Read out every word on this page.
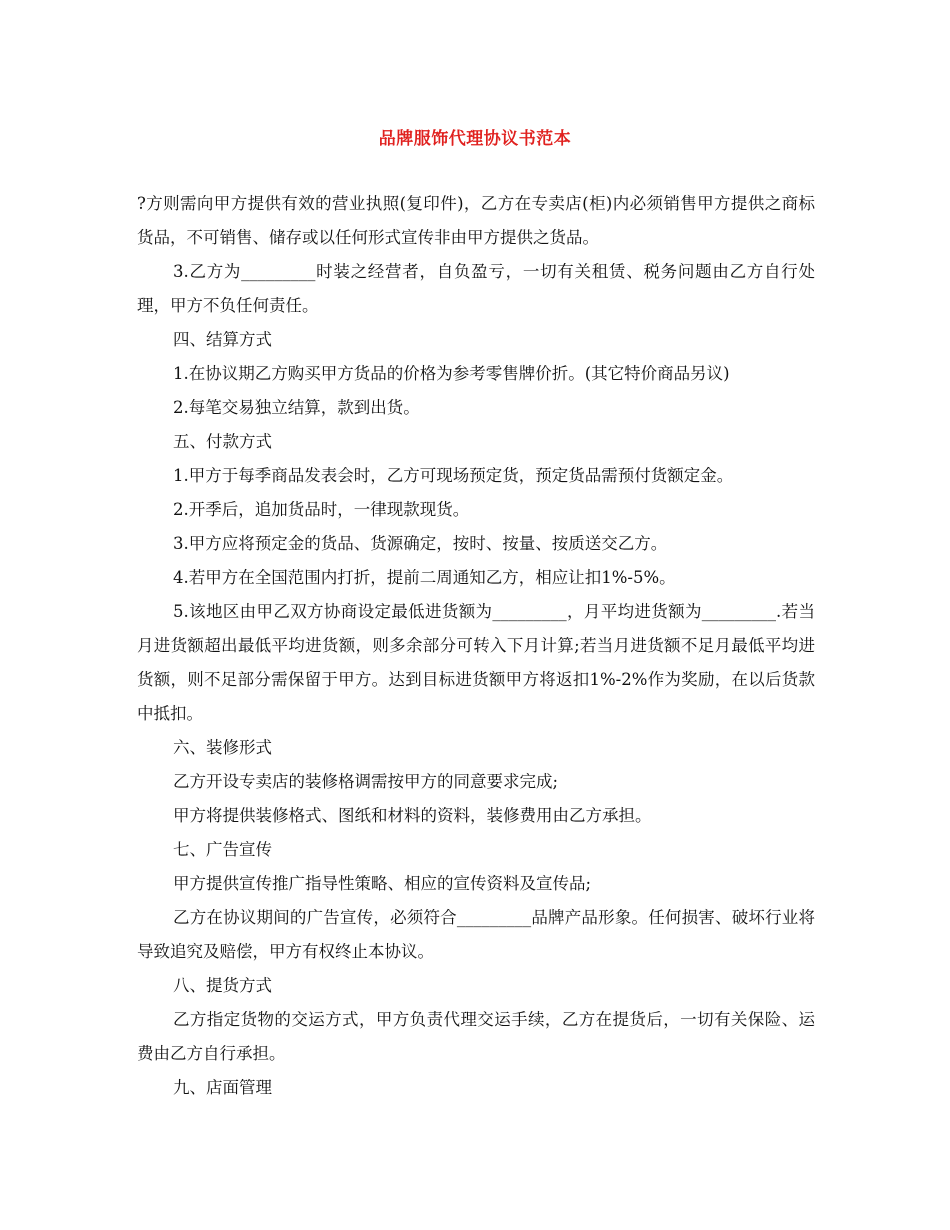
品牌服饰代理协议书范本

?方则需向甲方提供有效的营业执照(复印件)，乙方在专卖店(柜)内必须销售甲方提供之商标货品，不可销售、储存或以任何形式宣传非由甲方提供之货品。

3.乙方为_________时装之经营者，自负盈亏，一切有关租赁、税务问题由乙方自行处理，甲方不负任何责任。

四、结算方式

1.在协议期乙方购买甲方货品的价格为参考零售牌价折。(其它特价商品另议)

2.每笔交易独立结算，款到出货。

五、付款方式

1.甲方于每季商品发表会时，乙方可现场预定货，预定货品需预付货额定金。

2.开季后，追加货品时，一律现款现货。

3.甲方应将预定金的货品、货源确定，按时、按量、按质送交乙方。

4.若甲方在全国范围内打折，提前二周通知乙方，相应让扣1%-5%。

5.该地区由甲乙双方协商设定最低进货额为_________，月平均进货额为_________.若当月进货额超出最低平均进货额，则多余部分可转入下月计算;若当月进货额不足月最低平均进货额，则不足部分需保留于甲方。达到目标进货额甲方将返扣1%-2%作为奖励，在以后货款中抵扣。

六、装修形式

乙方开设专卖店的装修格调需按甲方的同意要求完成;

甲方将提供装修格式、图纸和材料的资料，装修费用由乙方承担。

七、广告宣传

甲方提供宣传推广指导性策略、相应的宣传资料及宣传品;

乙方在协议期间的广告宣传，必须符合_________品牌产品形象。任何损害、破坏行业将导致追究及赔偿，甲方有权终止本协议。

八、提货方式

乙方指定货物的交运方式，甲方负责代理交运手续，乙方在提货后，一切有关保险、运费由乙方自行承担。

九、店面管理
